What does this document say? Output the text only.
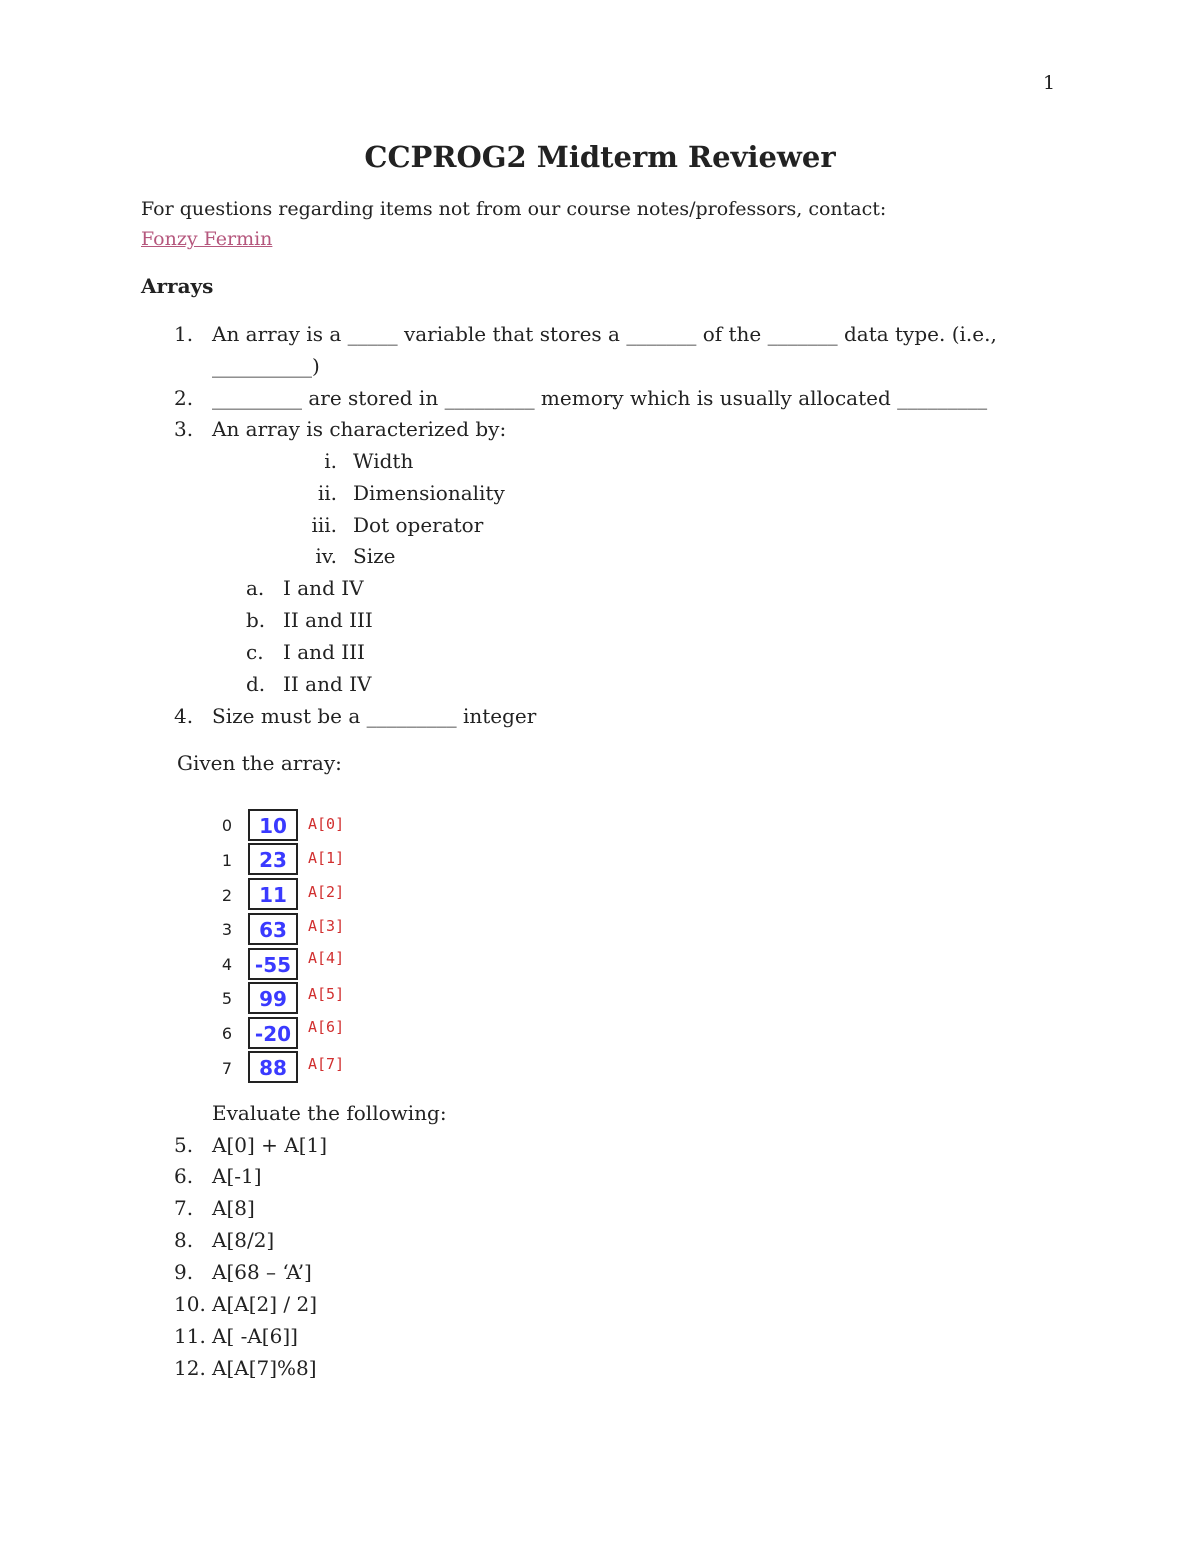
1
CCPROG2 Midterm Reviewer
For questions regarding items not from our course notes/professors, contact:
Fonzy Fermin
Arrays
1. An array is a _____ variable that stores a _______ of the _______ data type. (i.e.,
__________)
2. _________ are stored in _________ memory which is usually allocated _________
3. An array is characterized by:
i. Width
ii. Dimensionality
iii. Dot operator
iv. Size
a. I and IV
b. II and III
c. I and III
d. II and IV
4. Size must be a _________ integer
Given the array:
0	10	A[0]
1	23	A[1]
2	11	A[2]
3	63	A[3]
4	-55	A[4]
5	99	A[5]
6	-20	A[6]
7	88	A[7]
Evaluate the following:
5. A[0] + A[1]
6. A[-1]
7. A[8]
8. A[8/2]
9. A[68 – ‘A’]
10. A[A[2] / 2]
11. A[ -A[6]]
12. A[A[7]%8]
